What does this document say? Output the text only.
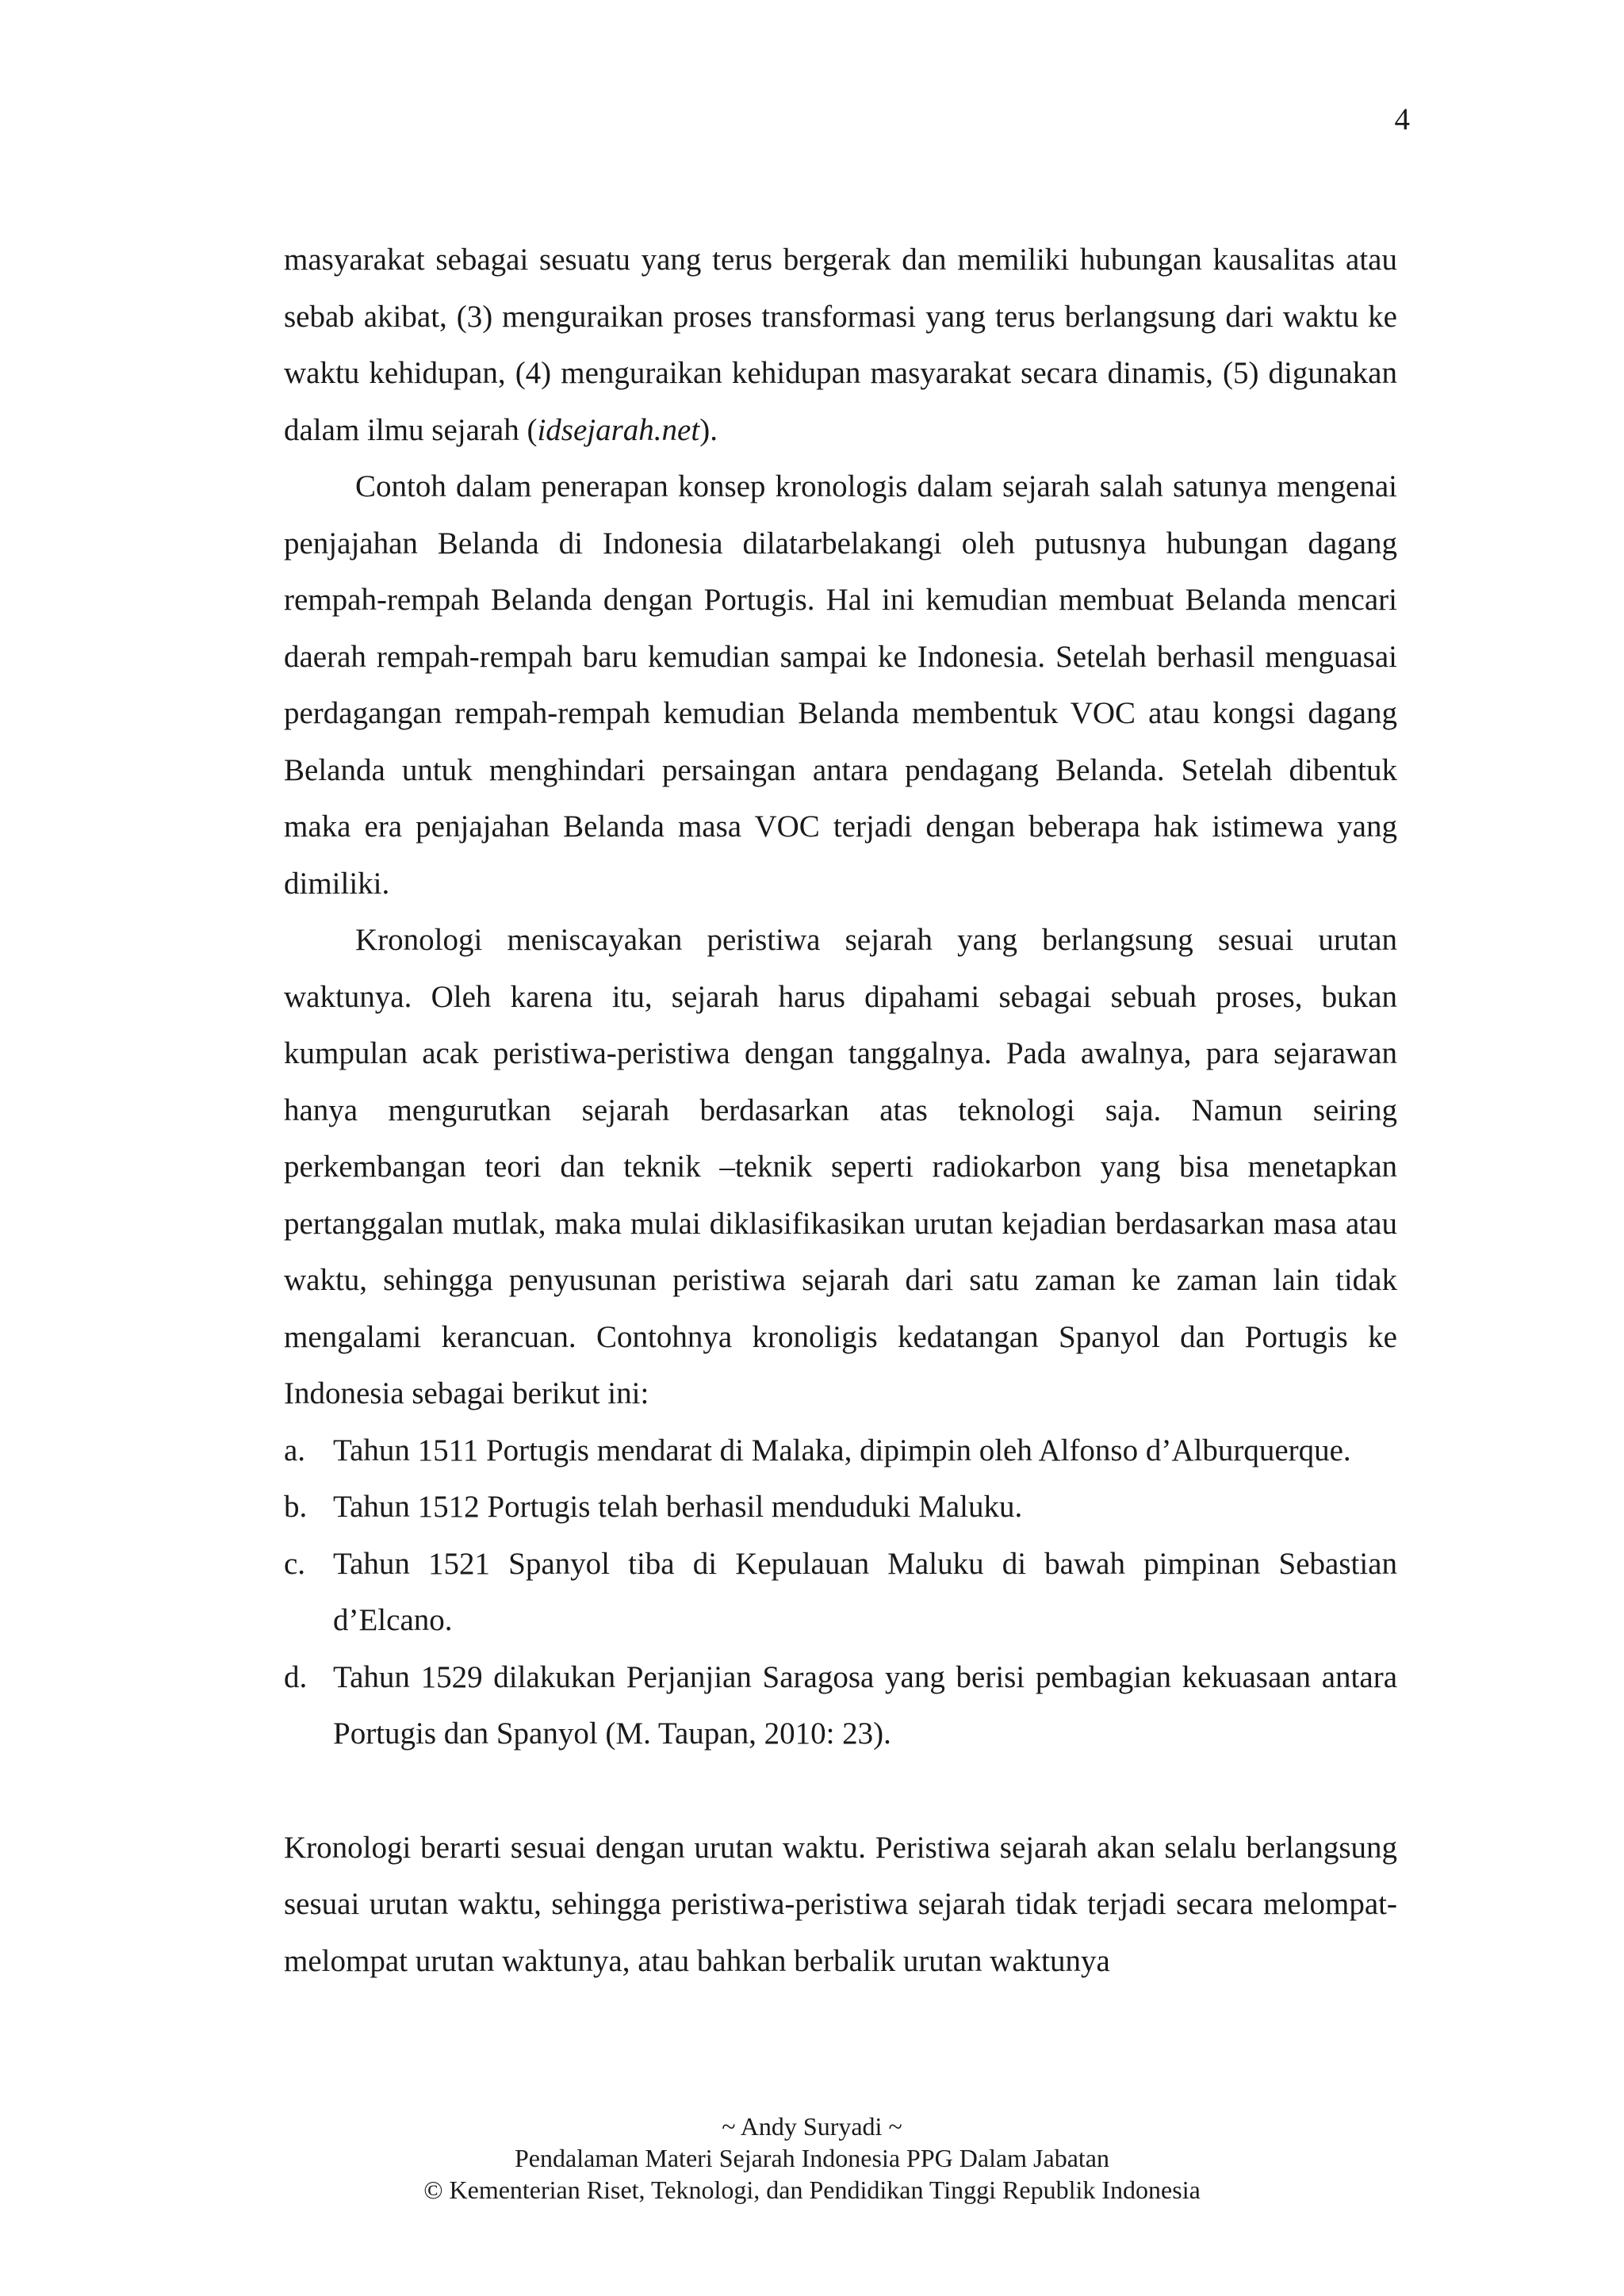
4

masyarakat sebagai sesuatu yang terus bergerak dan memiliki hubungan kausalitas atau sebab akibat, (3) menguraikan proses transformasi yang terus berlangsung dari waktu ke waktu kehidupan, (4) menguraikan kehidupan masyarakat secara dinamis, (5) digunakan dalam ilmu sejarah (idsejarah.net).

Contoh dalam penerapan konsep kronologis dalam sejarah salah satunya mengenai penjajahan Belanda di Indonesia dilatarbelakangi oleh putusnya hubungan dagang rempah-rempah Belanda dengan Portugis. Hal ini kemudian membuat Belanda mencari daerah rempah-rempah baru kemudian sampai ke Indonesia. Setelah berhasil menguasai perdagangan rempah-rempah kemudian Belanda membentuk VOC atau kongsi dagang Belanda untuk menghindari persaingan antara pendagang Belanda. Setelah dibentuk maka era penjajahan Belanda masa VOC terjadi dengan beberapa hak istimewa yang dimiliki.

Kronologi meniscayakan peristiwa sejarah yang berlangsung sesuai urutan waktunya. Oleh karena itu, sejarah harus dipahami sebagai sebuah proses, bukan kumpulan acak peristiwa-peristiwa dengan tanggalnya. Pada awalnya, para sejarawan hanya mengurutkan sejarah berdasarkan atas teknologi saja. Namun seiring perkembangan teori dan teknik –teknik seperti radiokarbon yang bisa menetapkan pertanggalan mutlak, maka mulai diklasifikasikan urutan kejadian berdasarkan masa atau waktu, sehingga penyusunan peristiwa sejarah dari satu zaman ke zaman lain tidak mengalami kerancuan. Contohnya kronoligis kedatangan Spanyol dan Portugis ke Indonesia sebagai berikut ini:

a. Tahun 1511 Portugis mendarat di Malaka, dipimpin oleh Alfonso d’Alburquerque.
b. Tahun 1512 Portugis telah berhasil menduduki Maluku.
c. Tahun 1521 Spanyol tiba di Kepulauan Maluku di bawah pimpinan Sebastian d’Elcano.
d. Tahun 1529 dilakukan Perjanjian Saragosa yang berisi pembagian kekuasaan antara Portugis dan Spanyol (M. Taupan, 2010: 23).

Kronologi berarti sesuai dengan urutan waktu. Peristiwa sejarah akan selalu berlangsung sesuai urutan waktu, sehingga peristiwa-peristiwa sejarah tidak terjadi secara melompat-melompat urutan waktunya, atau bahkan berbalik urutan waktunya

~ Andy Suryadi ~
Pendalaman Materi Sejarah Indonesia PPG Dalam Jabatan
© Kementerian Riset, Teknologi, dan Pendidikan Tinggi Republik Indonesia
